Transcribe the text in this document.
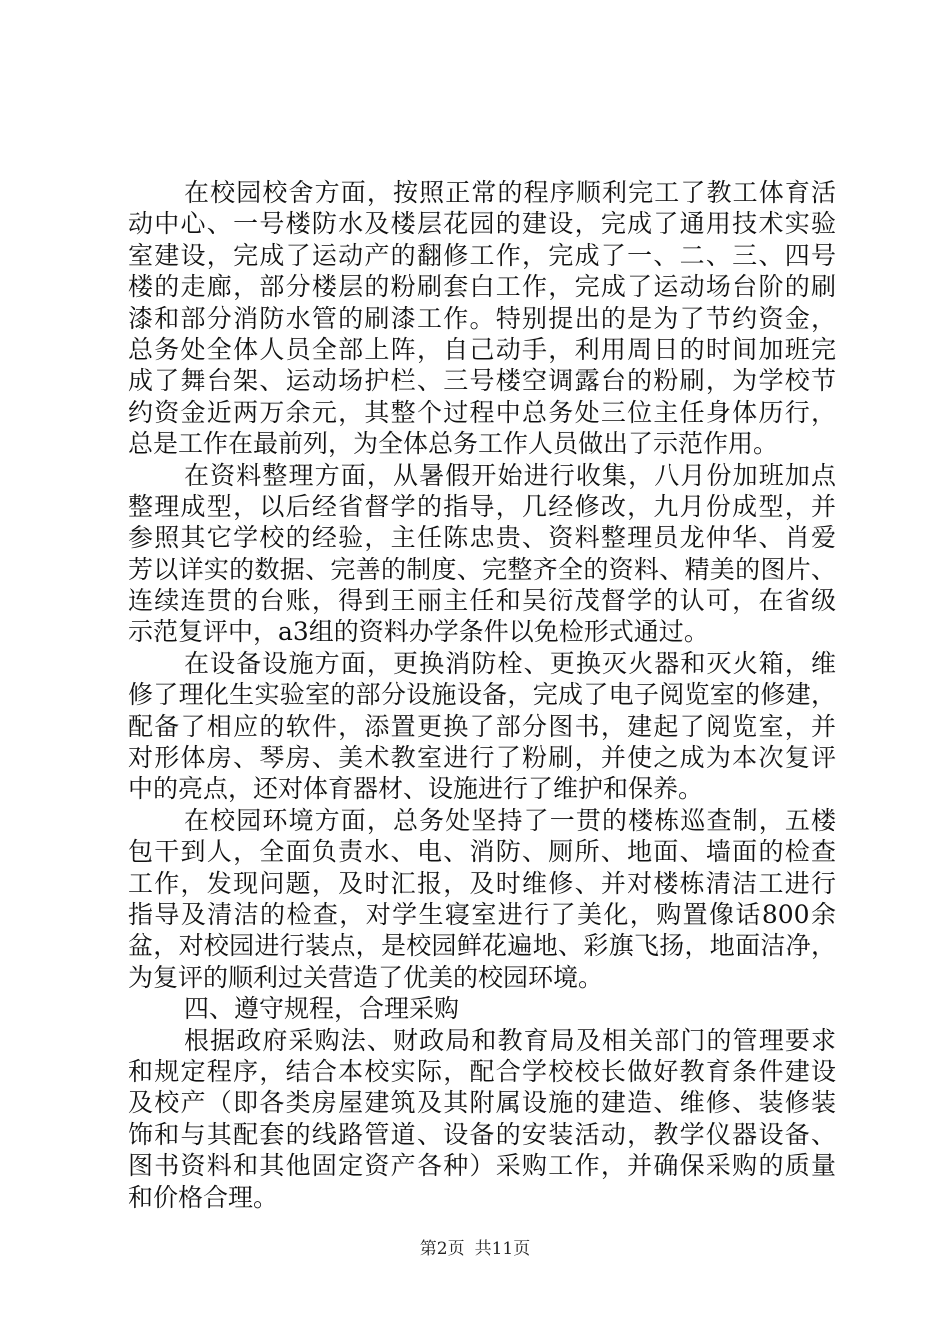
在校园校舍方面，按照正常的程序顺利完工了教工体育活
动中心、一号楼防水及楼层花园的建设，完成了通用技术实验
室建设，完成了运动产的翻修工作，完成了一、二、三、四号
楼的走廊，部分楼层的粉刷套白工作，完成了运动场台阶的刷
漆和部分消防水管的刷漆工作。特别提出的是为了节约资金，
总务处全体人员全部上阵，自己动手，利用周日的时间加班完
成了舞台架、运动场护栏、三号楼空调露台的粉刷，为学校节
约资金近两万余元，其整个过程中总务处三位主任身体历行，
总是工作在最前列，为全体总务工作人员做出了示范作用。
在资料整理方面，从暑假开始进行收集，八月份加班加点
整理成型，以后经省督学的指导，几经修改，九月份成型，并
参照其它学校的经验，主任陈忠贵、资料整理员龙仲华、肖爱
芳以详实的数据、完善的制度、完整齐全的资料、精美的图片、
连续连贯的台账，得到王丽主任和吴衍茂督学的认可，在省级
示范复评中，a3组的资料办学条件以免检形式通过。
在设备设施方面，更换消防栓、更换灭火器和灭火箱，维
修了理化生实验室的部分设施设备，完成了电子阅览室的修建，
配备了相应的软件，添置更换了部分图书，建起了阅览室，并
对形体房、琴房、美术教室进行了粉刷，并使之成为本次复评
中的亮点，还对体育器材、设施进行了维护和保养。
在校园环境方面，总务处坚持了一贯的楼栋巡查制，五楼
包干到人，全面负责水、电、消防、厕所、地面、墙面的检查
工作，发现问题，及时汇报，及时维修、并对楼栋清洁工进行
指导及清洁的检查，对学生寝室进行了美化，购置像话800余
盆，对校园进行装点，是校园鲜花遍地、彩旗飞扬，地面洁净，
为复评的顺利过关营造了优美的校园环境。
四、遵守规程，合理采购
根据政府采购法、财政局和教育局及相关部门的管理要求
和规定程序，结合本校实际，配合学校校长做好教育条件建设
及校产（即各类房屋建筑及其附属设施的建造、维修、装修装
饰和与其配套的线路管道、设备的安装活动，教学仪器设备、
图书资料和其他固定资产各种）采购工作，并确保采购的质量
和价格合理。
第2页 共11页
